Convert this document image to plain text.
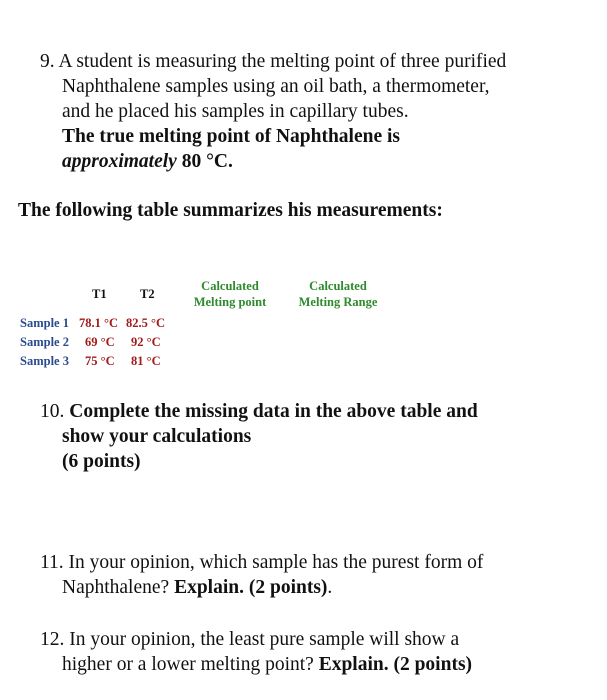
9. A student is measuring the melting point of three purified
Naphthalene samples using an oil bath, a thermometer,
and he placed his samples in capillary tubes.
The true melting point of Naphthalene is
approximately 80 °C.
The following table summarizes his measurements:
T1	T2
Calculated
Melting point
Calculated
Melting Range
Sample 1 78.1 °C 82.5 °C
Sample 2 69 °C 92 °C
Sample 3 75 °C 81 °C
10. Complete the missing data in the above table and
show your calculations
(6 points)
11. In your opinion, which sample has the purest form of
Naphthalene? Explain. (2 points).
12. In your opinion, the least pure sample will show a
higher or a lower melting point? Explain. (2 points)
